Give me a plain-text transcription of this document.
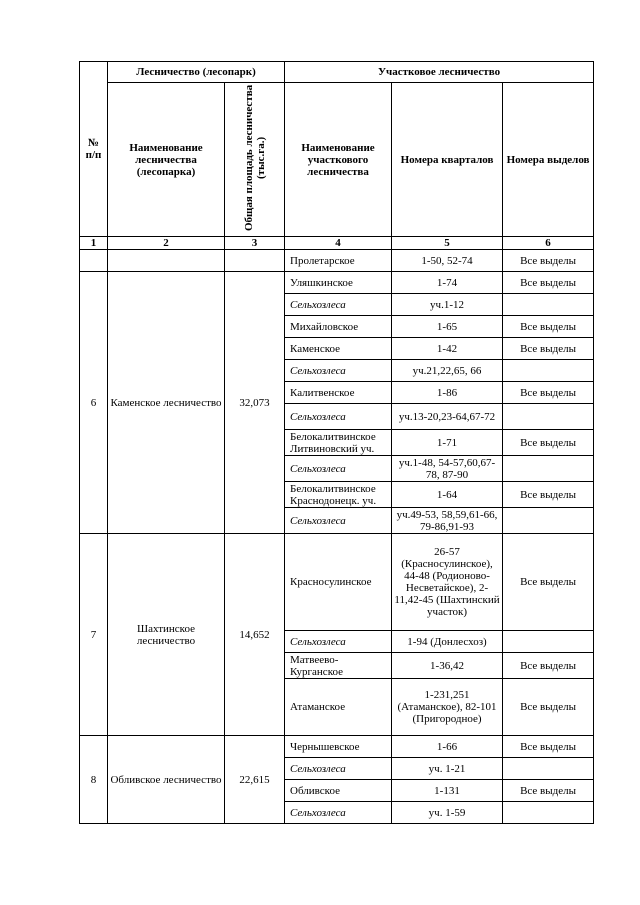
№ п/п	Лесничество (лесопарк)		Участковое лесничество		
	Наименование лесничества (лесопарка)	Общая площадь лесничества (тыс.га.)	Наименование участкового лесничества	Номера кварталов	Номера выделов
1	2	3	4	5	6
			Пролетарское	1-50, 52-74	Все выделы
6	Каменское лесничество	32,073	Уляшкинское	1-74	Все выделы
			Сельхозлеса	уч.1-12	
			Михайловское	1-65	Все выделы
			Каменское	1-42	Все выделы
			Сельхозлеса	уч.21,22,65, 66	
			Калитвенское	1-86	Все выделы
			Сельхозлеса	уч.13-20,23-64,67-72	
			Белокалитвинское Литвиновский уч.	1-71	Все выделы
			Сельхозлеса	уч.1-48, 54-57,60,67-78, 87-90	
			Белокалитвинское Краснодонецк. уч.	1-64	Все выделы
			Сельхозлеса	уч.49-53, 58,59,61-66, 79-86,91-93	
7	Шахтинское лесничество	14,652	Красносулинское	26-57 (Красносулинское), 44-48 (Родионово-Несветайское), 2-11,42-45 (Шахтинский участок)	Все выделы
			Сельхозлеса	1-94 (Донлесхоз)	
			Матвеево-Курганское	1-36,42	Все выделы
			Атаманское	1-231,251 (Атаманское), 82-101 (Пригородное)	Все выделы
8	Обливское лесничество	22,615	Чернышевское	1-66	Все выделы
			Сельхозлеса	уч. 1-21	
			Обливское	1-131	Все выделы
			Сельхозлеса	уч. 1-59	
